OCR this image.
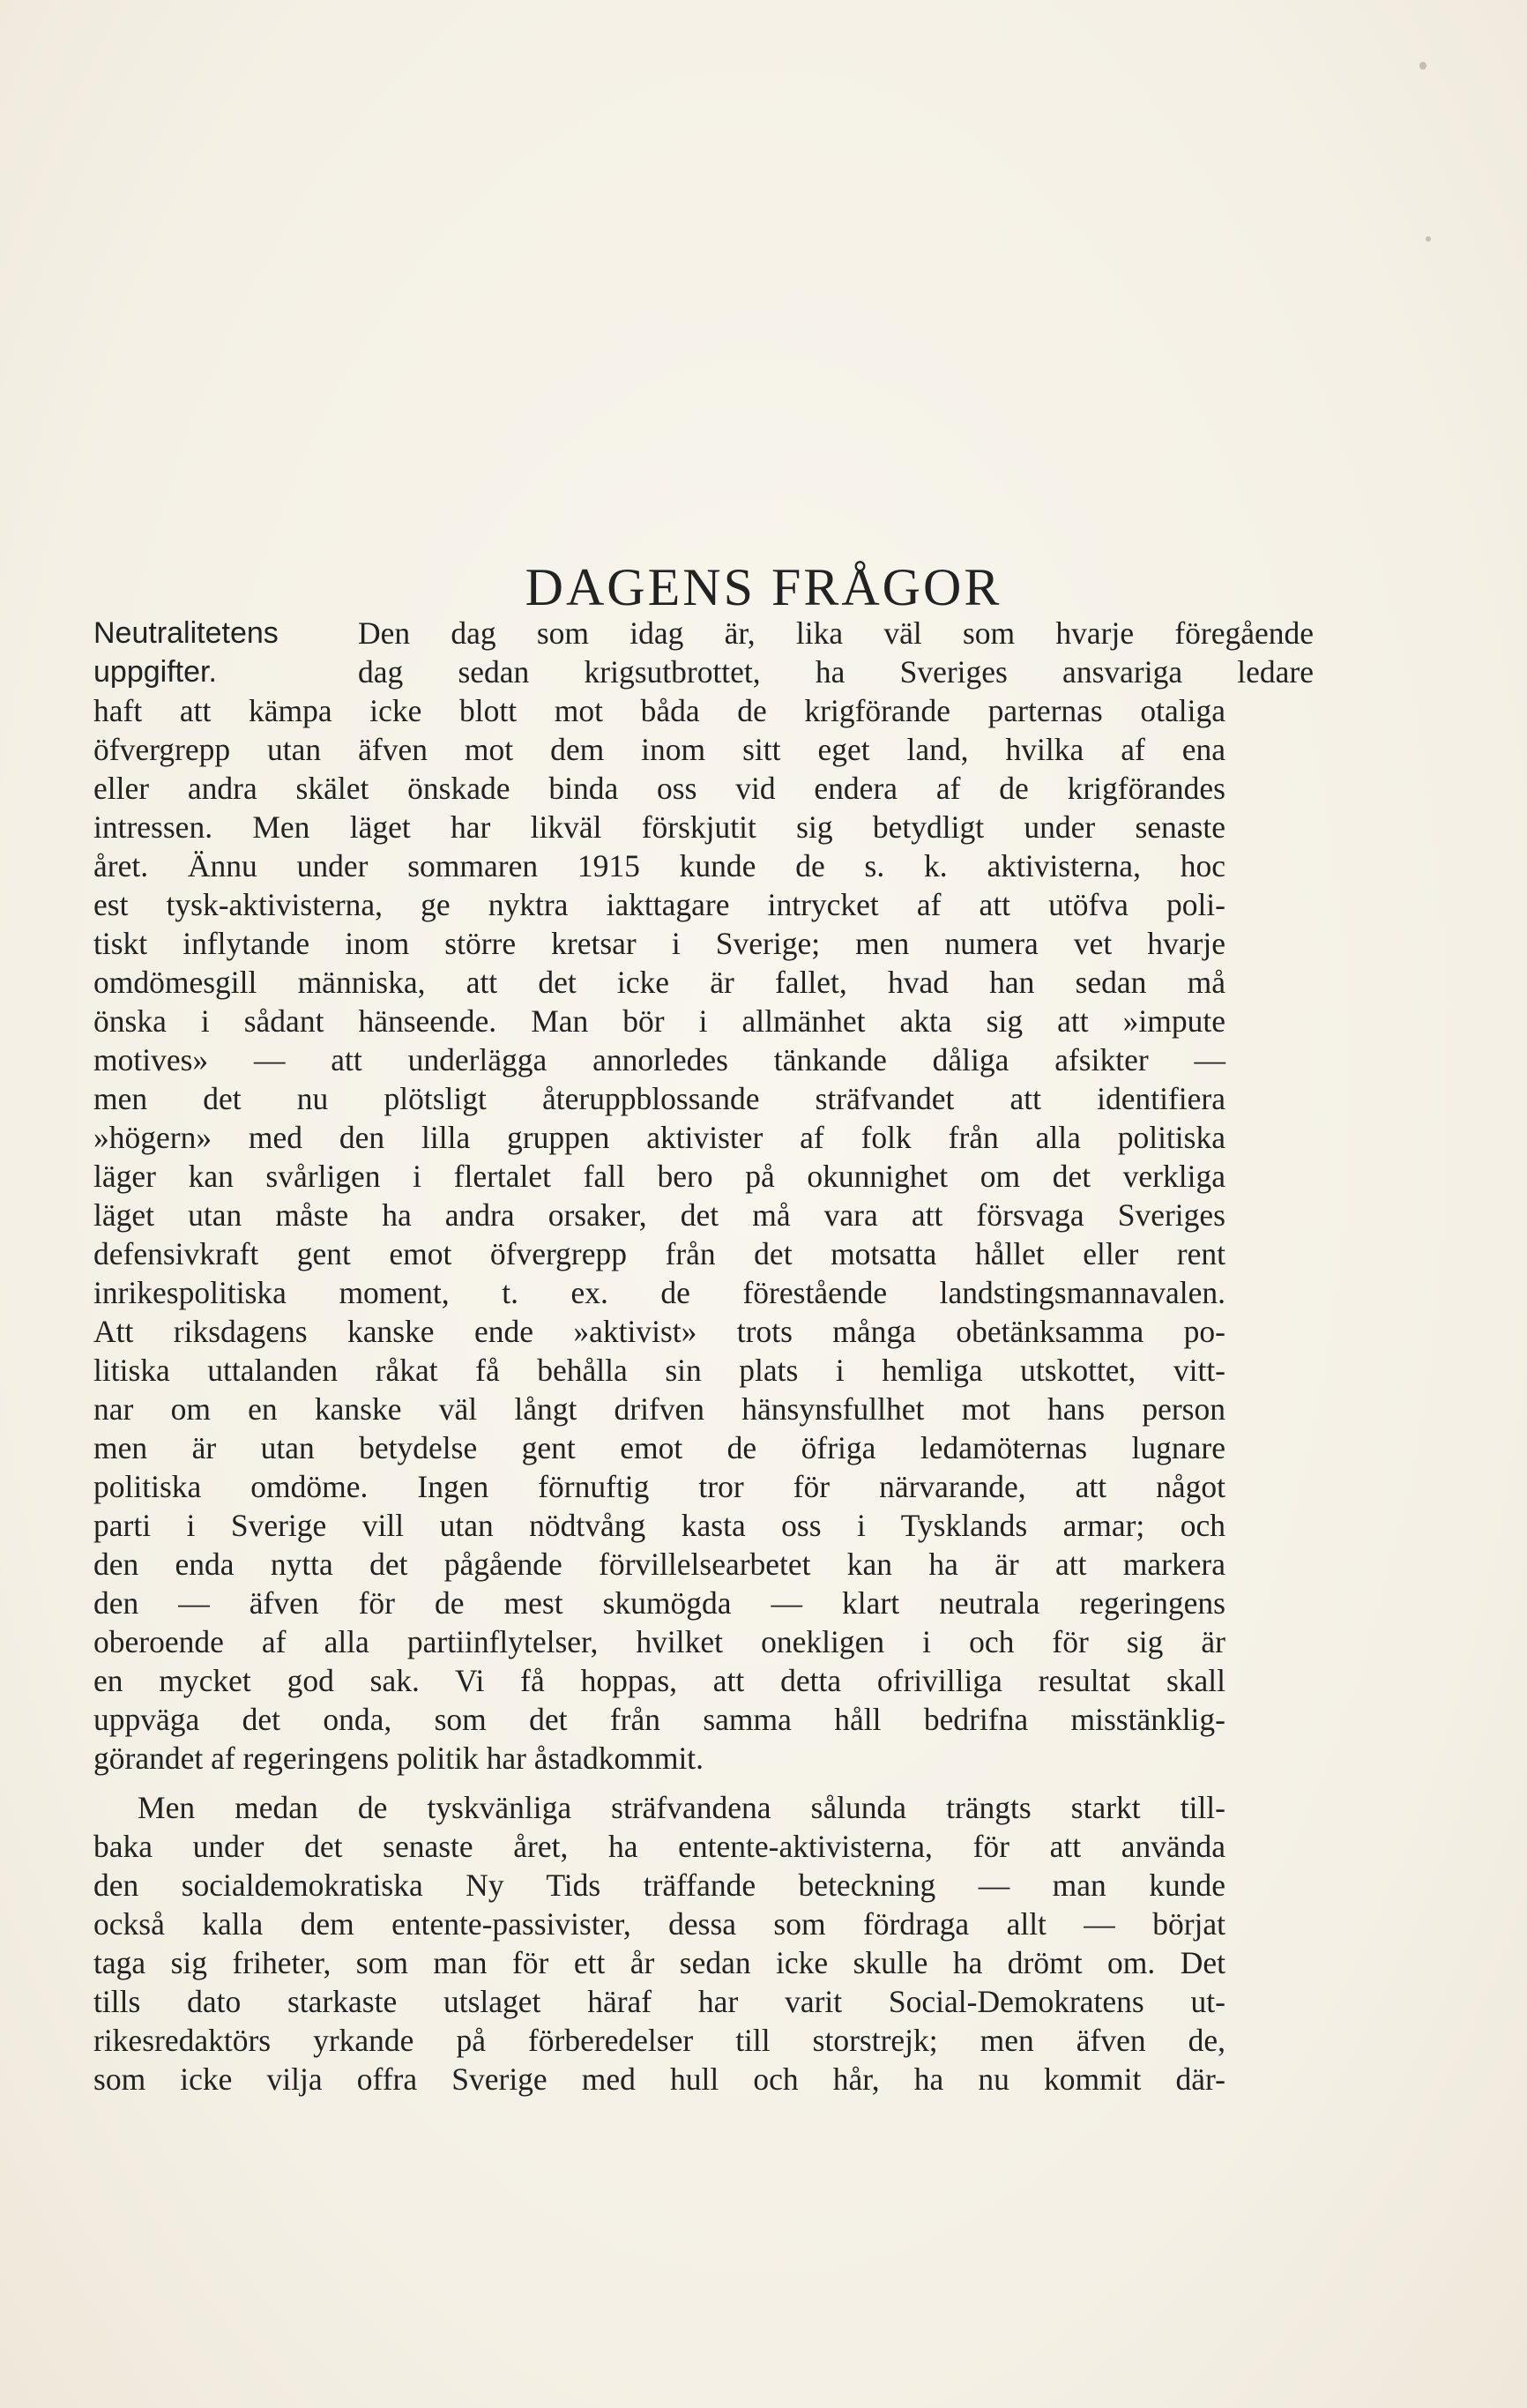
DAGENS FRÅGOR
Neutralitetens
uppgifter.
Den dag som idag är, lika väl som hvarje föregående
dag sedan krigsutbrottet, ha Sveriges ansvariga ledare
haft att kämpa icke blott mot båda de krigförande parternas otaliga
öfvergrepp utan äfven mot dem inom sitt eget land, hvilka af ena
eller andra skälet önskade binda oss vid endera af de krigförandes
intressen. Men läget har likväl förskjutit sig betydligt under senaste
året. Ännu under sommaren 1915 kunde de s. k. aktivisterna, hoc
est tysk-aktivisterna, ge nyktra iakttagare intrycket af att utöfva poli-
tiskt inflytande inom större kretsar i Sverige; men numera vet hvarje
omdömesgill människa, att det icke är fallet, hvad han sedan må
önska i sådant hänseende. Man bör i allmänhet akta sig att »impute
motives» — att underlägga annorledes tänkande dåliga afsikter —
men det nu plötsligt återuppblossande sträfvandet att identifiera
»högern» med den lilla gruppen aktivister af folk från alla politiska
läger kan svårligen i flertalet fall bero på okunnighet om det verkliga
läget utan måste ha andra orsaker, det må vara att försvaga Sveriges
defensivkraft gent emot öfvergrepp från det motsatta hållet eller rent
inrikespolitiska moment, t. ex. de förestående landstingsmannavalen.
Att riksdagens kanske ende »aktivist» trots många obetänksamma po-
litiska uttalanden råkat få behålla sin plats i hemliga utskottet, vitt-
nar om en kanske väl långt drifven hänsynsfullhet mot hans person
men är utan betydelse gent emot de öfriga ledamöternas lugnare
politiska omdöme. Ingen förnuftig tror för närvarande, att något
parti i Sverige vill utan nödtvång kasta oss i Tysklands armar; och
den enda nytta det pågående förvillelsearbetet kan ha är att markera
den — äfven för de mest skumögda — klart neutrala regeringens
oberoende af alla partiinflytelser, hvilket onekligen i och för sig är
en mycket god sak. Vi få hoppas, att detta ofrivilliga resultat skall
uppväga det onda, som det från samma håll bedrifna misstänklig-
görandet af regeringens politik har åstadkommit.
Men medan de tyskvänliga sträfvandena sålunda trängts starkt till-
baka under det senaste året, ha entente-aktivisterna, för att använda
den socialdemokratiska Ny Tids träffande beteckning — man kunde
också kalla dem entente-passivister, dessa som fördraga allt — börjat
taga sig friheter, som man för ett år sedan icke skulle ha drömt om. Det
tills dato starkaste utslaget häraf har varit Social-Demokratens ut-
rikesredaktörs yrkande på förberedelser till storstrejk; men äfven de,
som icke vilja offra Sverige med hull och hår, ha nu kommit där-
